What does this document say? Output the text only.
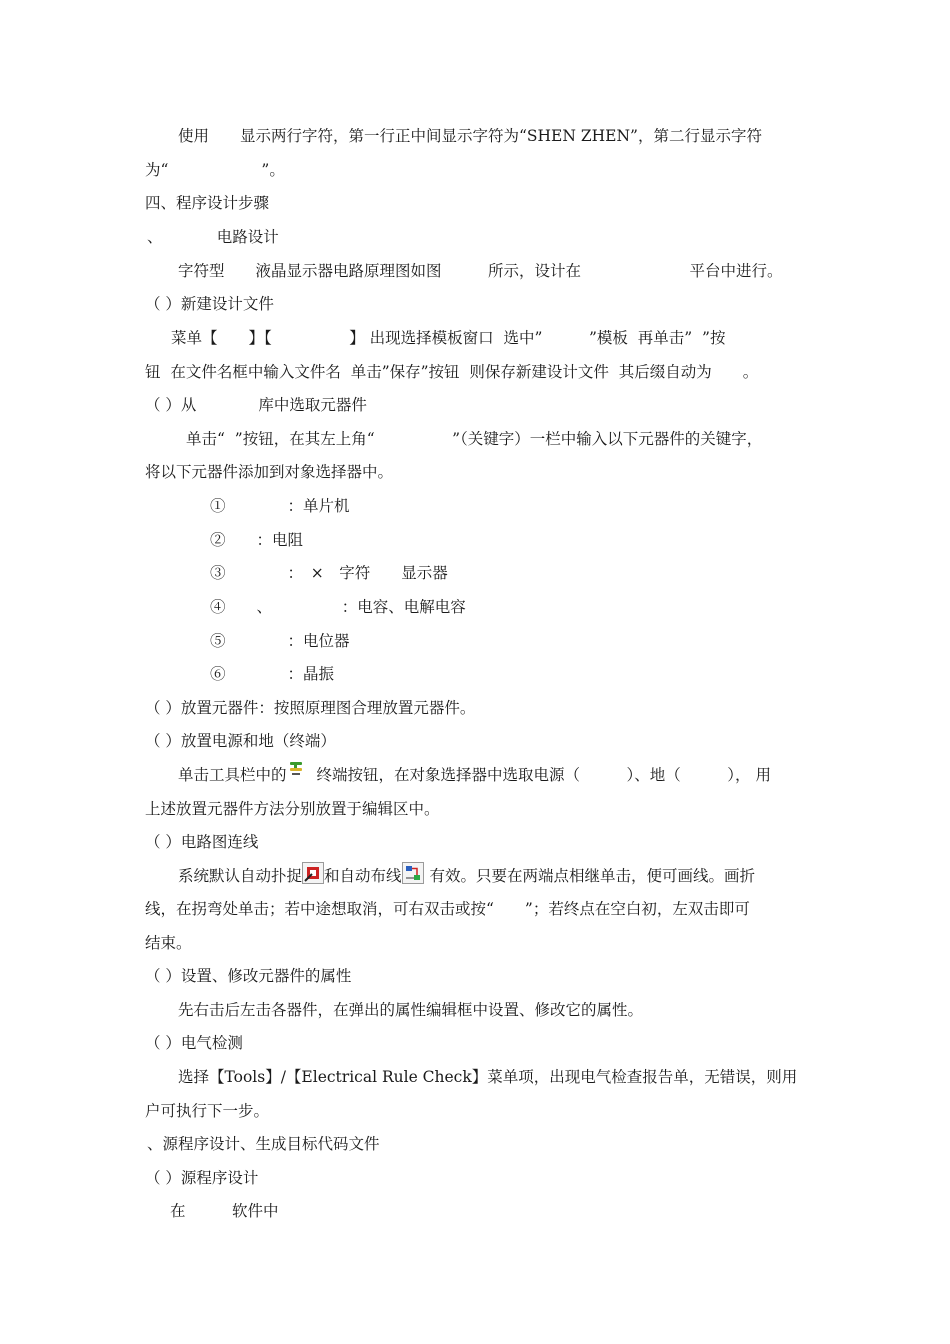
使用　　显示两行字符，第一行正中间显示字符为“SHEN ZHEN”，第二行显示字符
为“　　　　　　”。
四、程序设计步骤
、　　　　电路设计
字符型　　液晶显示器电路原理图如图　　　所示，设计在　　　　　　　平台中进行。
（ ）新建设计文件
菜单【　　】【　　　　　】 出现选择模板窗口  选中”　　　”模板  再单击”  ”按
钮  在文件名框中输入文件名  单击”保存”按钮  则保存新建设计文件  其后缀自动为　　。
（ ）从　　　　库中选取元器件
单击“  ”按钮，在其左上角“　　　　　”（关键字）一栏中输入以下元器件的关键字，
将以下元器件添加到对象选择器中。
①　　　　：单片机
②　　：电阻
③　　　　：　×　字符　　显示器
④　　、　　　　　：电容、电解电容
⑤　　　　：电位器
⑥　　　　：晶振
（ ）放置元器件：按照原理图合理放置元器件。
（ ）放置电源和地（终端）
单击工具栏中的 终端按钮，在对象选择器中选取电源（　　　）、地（　　　）， 用
上述放置元器件方法分别放置于编辑区中。
（ ）电路图连线
系统默认自动扑捉 和自动布线 有效。只要在两端点相继单击，便可画线。画折
线，在拐弯处单击；若中途想取消，可右双击或按“　　”；若终点在空白初，左双击即可
结束。
（ ）设置、修改元器件的属性
先右击后左击各器件，在弹出的属性编辑框中设置、修改它的属性。
（ ）电气检测
选择【Tools】/【Electrical Rule Check】菜单项，出现电气检查报告单，无错误，则用
户可执行下一步。
、源程序设计、生成目标代码文件
（ ）源程序设计
在　　　软件中
